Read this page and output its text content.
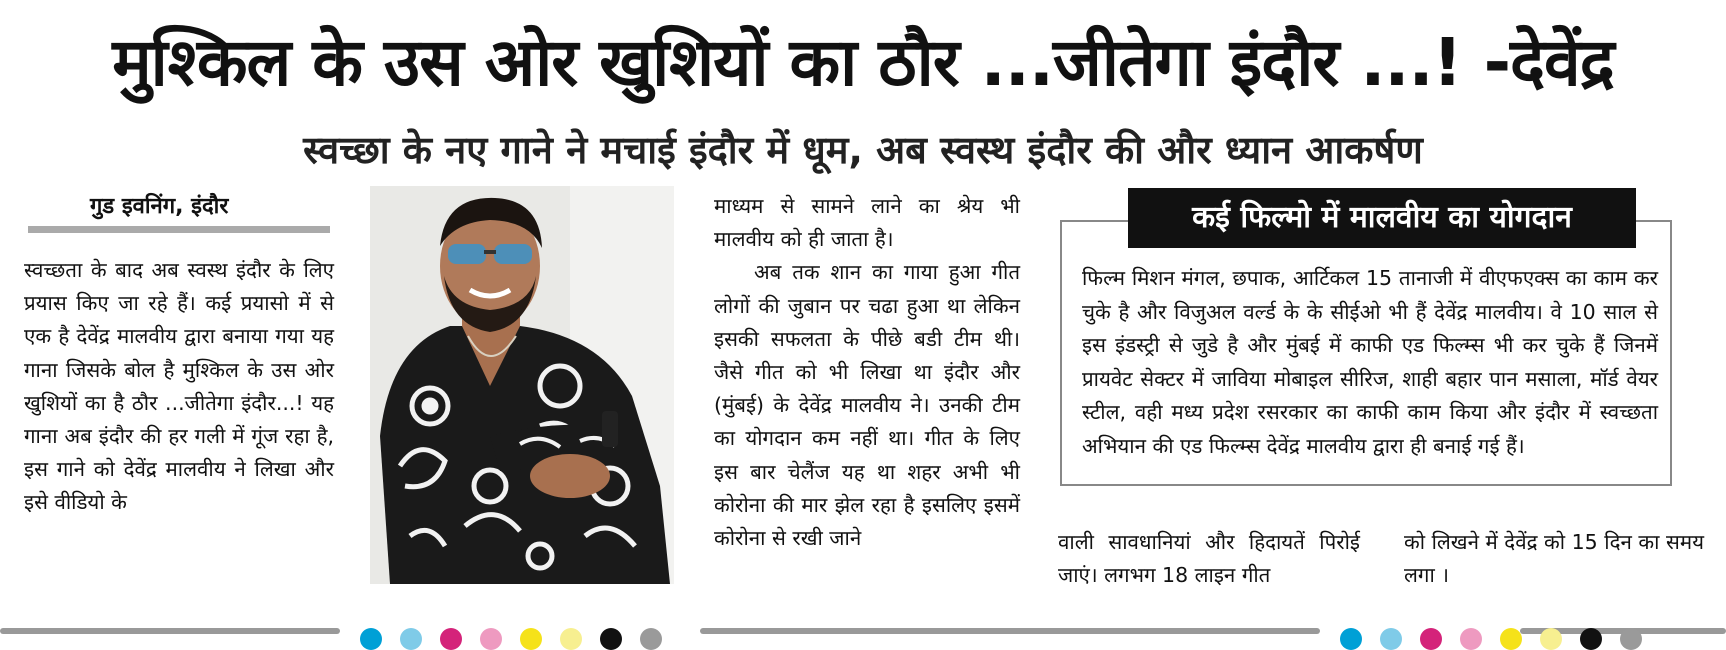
मुश्किल के उस ओर खुशियों का ठौर ...जीतेगा इंदौर ...! -देवेंद्र
स्वच्छा के नए गाने ने मचाई इंदौर में धूम, अब स्वस्थ इंदौर की और ध्यान आकर्षण
गुड इवनिंग, इंदौर
स्वच्छता के बाद अब स्वस्थ इंदौर के लिए प्रयास किए जा रहे हैं। कई प्रयासो में से एक है देवेंद्र मालवीय द्वारा बनाया गया यह गाना जिसके बोल है मुश्किल के उस ओर खुशियों का है ठौर ...जीतेगा इंदौर...! यह गाना अब इंदौर की हर गली में गूंज रहा है, इस गाने को देवेंद्र मालवीय ने लिखा और इसे वीडियो के
माध्यम से सामने लाने का श्रेय भी मालवीय को ही जाता है।
अब तक शान का गाया हुआ गीत लोगों की जुबान पर चढा हुआ था लेकिन इसकी सफलता के पीछे बडी टीम थी। जैसे गीत को भी लिखा था इंदौर और (मुंबई) के देवेंद्र मालवीय ने। उनकी टीम का योगदान कम नहीं था। गीत के लिए इस बार चेलैंज यह था शहर अभी भी कोरोना की मार झेल रहा है इसलिए इसमें कोरोना से रखी जाने
कई फिल्मो में मालवीय का योगदान
फिल्म मिशन मंगल, छपाक, आर्टिकल 15 तानाजी में वीएफएक्स का काम कर चुके है और विजुअल वर्ल्ड के के सीईओ भी हैं देवेंद्र मालवीय। वे 10 साल से इस इंडस्ट्री से जुडे है और मुंबई में काफी एड फिल्म्स भी कर चुके हैं जिनमें प्रायवेट सेक्टर में जाविया मोबाइल सीरिज, शाही बहार पान मसाला, मॉर्ड वेयर स्टील, वही मध्य प्रदेश रसरकार का काफी काम किया और इंदौर में स्वच्छता अभियान की एड फिल्म्स देवेंद्र मालवीय द्वारा ही बनाई गई हैं।
वाली सावधानियां और हिदायतें पिरोई जाएं। लगभग 18 लाइन गीत
को लिखने में देवेंद्र को 15 दिन का समय लगा ।
